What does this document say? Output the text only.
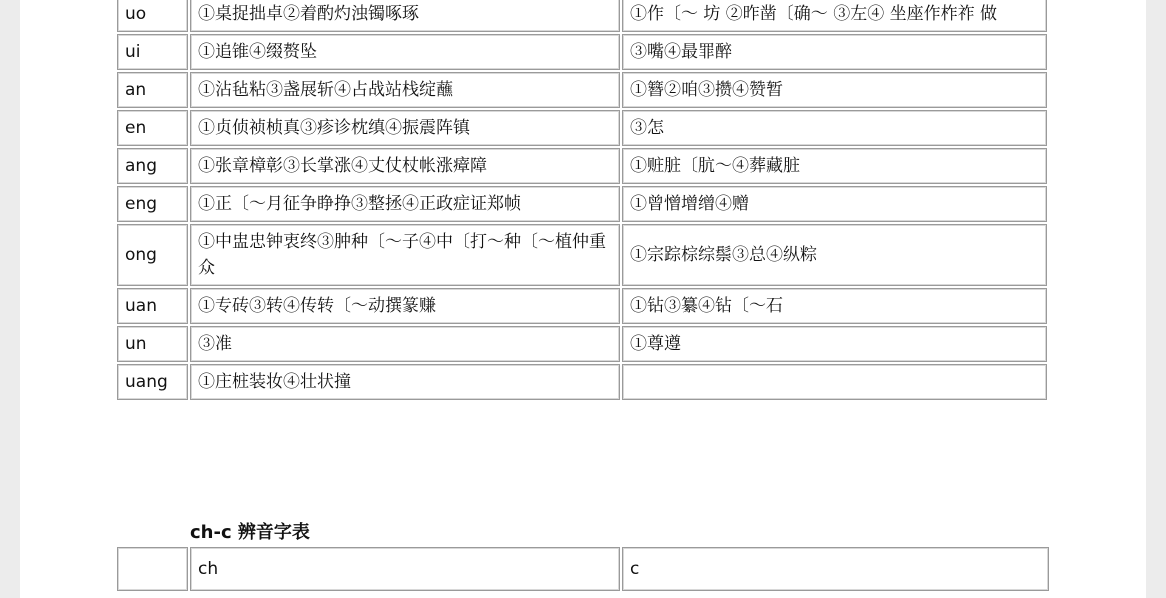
uo	①桌捉拙卓②着酌灼浊镯啄琢	①作〔～ 坊 ②昨凿〔确～ ③左④ 坐座作柞祚 做
ui	①追锥④缀赘坠	③嘴④最罪醉
an	①沾毡粘③盏展斩④占战站栈绽蘸	①簪②咱③攒④赞暂
en	①贞侦祯桢真③疹诊枕缜④振震阵镇	③怎
ang	①张章樟彰③长掌涨④丈仗杖帐涨瘴障	①赃脏〔肮～④葬藏脏
eng	①正〔～月征争睁挣③整拯④正政症证郑帧	①曾憎增缯④赠
ong	①中盅忠钟衷终③肿种〔～子④中〔打～种〔～植仲重众	①宗踪棕综鬃③总④纵粽
uan	①专砖③转④传转〔～动撰篆赚	①钻③纂④钻〔～石
un	③准	①尊遵
uang	①庄桩装妆④壮状撞	
ch-c 辨音字表
	ch	c
